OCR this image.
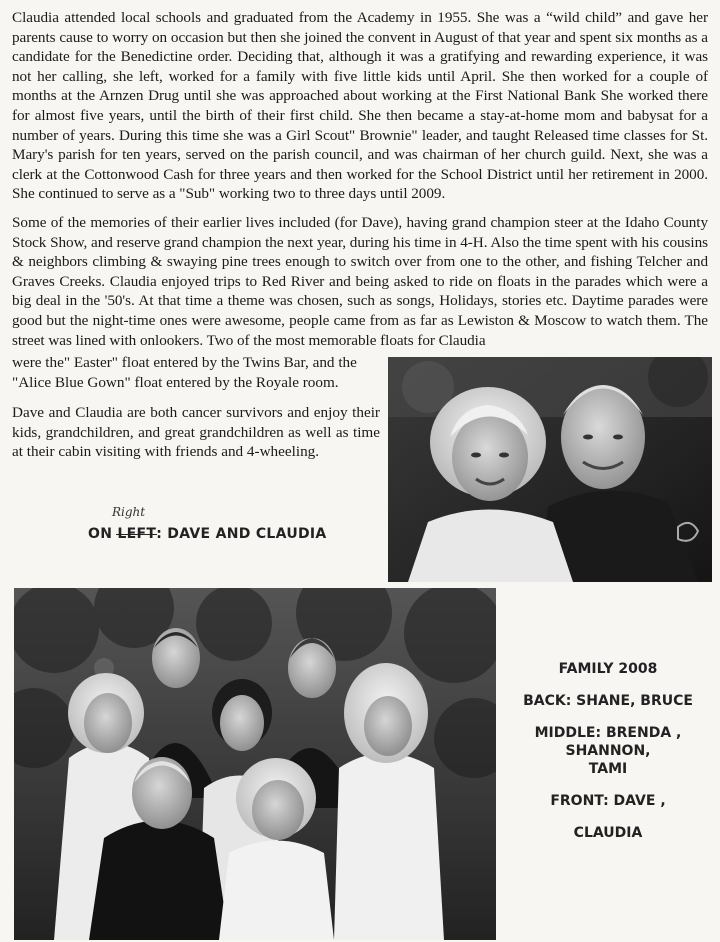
Claudia attended local schools and graduated from the Academy in 1955. She was a “wild child” and gave her parents cause to worry on occasion but then she joined the convent in August of that year and spent six months as a candidate for the Benedictine order. Deciding that, although it was a gratifying and rewarding experience, it was not her calling, she left, worked for a family with five little kids until April. She then worked for a couple of months at the Arnzen Drug until she was approached about working at the First National Bank She worked there for almost five years, until the birth of their first child. She then became a stay-at-home mom and babysat for a number of years. During this time she was a Girl Scout" Brownie" leader, and taught Released time classes for St. Mary's parish for ten years, served on the parish council, and was chairman of her church guild. Next, she was a clerk at the Cottonwood Cash for three years and then worked for the School District until her retirement in 2000. She continued to serve as a "Sub" working two to three days until 2009.

Some of the memories of their earlier lives included (for Dave), having grand champion steer at the Idaho County Stock Show, and reserve grand champion the next year, during his time in 4-H. Also the time spent with his cousins & neighbors climbing & swaying pine trees enough to switch over from one to the other, and fishing Telcher and Graves Creeks. Claudia enjoyed trips to Red River and being asked to ride on floats in the parades which were a big deal in the '50's. At that time a theme was chosen, such as songs, Holidays, stories etc. Daytime parades were good but the night-time ones were awesome, people came from as far as Lewiston & Moscow to watch them. The street was lined with onlookers. Two of the most memorable floats for Claudia

were the" Easter" float entered by the Twins Bar, and the
"Alice Blue Gown" float entered by the Royale room.

Dave and Claudia are both cancer survivors and enjoy their kids, grandchildren, and great grandchildren as well as time at their cabin visiting with friends and 4-wheeling.

Right
ON LEFT: DAVE AND CLAUDIA
FAMILY 2008
BACK: SHANE, BRUCE
MIDDLE: BRENDA , SHANNON,
TAMI
FRONT: DAVE ,
CLAUDIA
